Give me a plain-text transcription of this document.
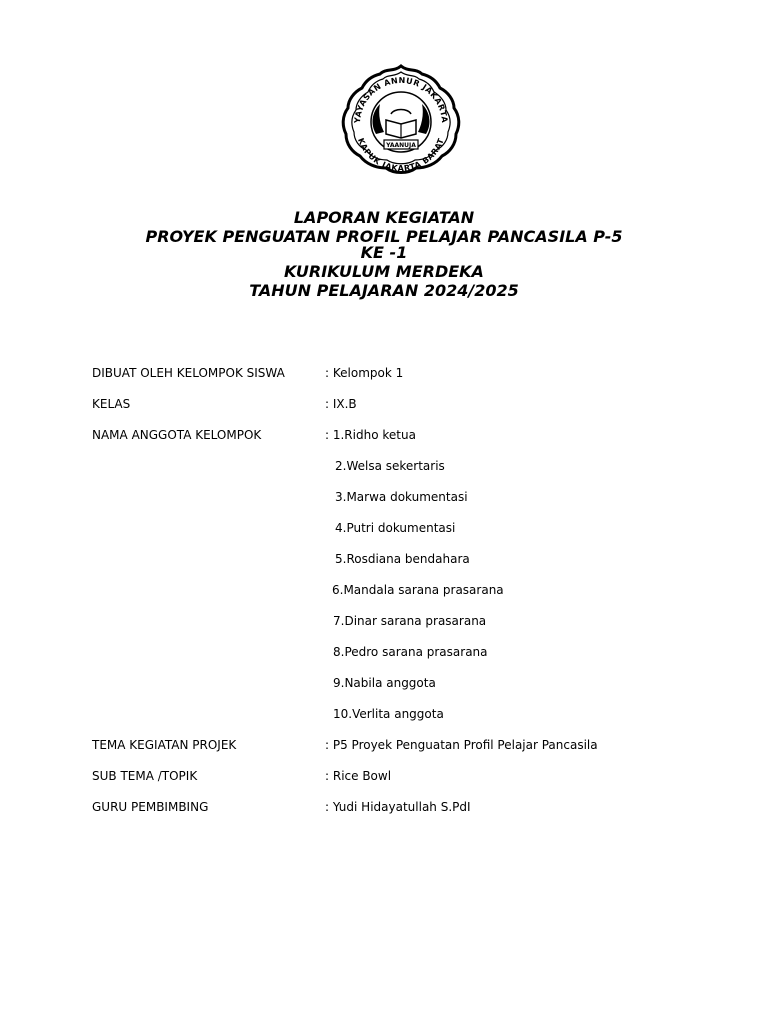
YAYASAN ANNUR JAKARTA
KAPUK JAKARTA BARAT
YAANUJA
LAPORAN KEGIATAN
PROYEK PENGUATAN PROFIL PELAJAR PANCASILA P-5
KE -1
KURIKULUM MERDEKA
TAHUN PELAJARAN 2024/2025
DIBUAT OLEH KELOMPOK SISWA	: Kelompok 1
KELAS	: IX.B
NAMA ANGGOTA KELOMPOK	: 1.Ridho ketua
2.Welsa sekertaris
3.Marwa dokumentasi
4.Putri dokumentasi
5.Rosdiana bendahara
6.Mandala sarana prasarana
7.Dinar sarana prasarana
8.Pedro sarana prasarana
9.Nabila anggota
10.Verlita anggota
TEMA KEGIATAN PROJEK	: P5 Proyek Penguatan Profil Pelajar Pancasila
SUB TEMA /TOPIK	: Rice Bowl
GURU PEMBIMBING	: Yudi Hidayatullah S.PdI
